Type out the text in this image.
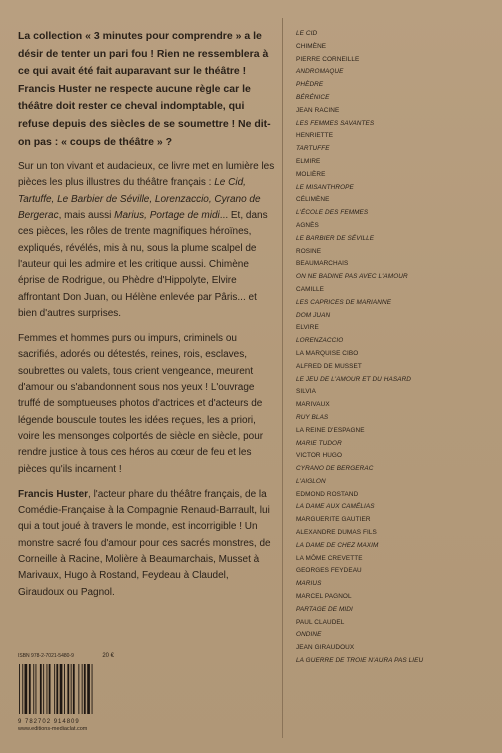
La collection « 3 minutes pour comprendre » a le désir de tenter un pari fou ! Rien ne ressemblera à ce qui avait été fait auparavant sur le théâtre ! Francis Huster ne respecte aucune règle car le théâtre doit rester ce cheval indomptable, qui refuse depuis des siècles de se soumettre ! Ne dit-on pas : « coups de théâtre » ?

Sur un ton vivant et audacieux, ce livre met en lumière les pièces les plus illustres du théâtre français : Le Cid, Tartuffe, Le Barbier de Séville, Lorenzaccio, Cyrano de Bergerac, mais aussi Marius, Portage de midi... Et, dans ces pièces, les rôles de trente magnifiques héroïnes, expliqués, révélés, mis à nu, sous la plume scalpel de l'auteur qui les admire et les critique aussi. Chimène éprise de Rodrigue, ou Phèdre d'Hippolyte, Elvire affrontant Don Juan, ou Hélène enlevée par Pâris... et bien d'autres surprises.

Femmes et hommes purs ou impurs, criminels ou sacrifiés, adorés ou détestés, reines, rois, esclaves, soubrettes ou valets, tous crient vengeance, meurent d'amour ou s'abandonnent sous nos yeux ! L'ouvrage truffé de somptueuses photos d'actrices et d'acteurs de légende bouscule toutes les idées reçues, les a priori, voire les mensonges colportés de siècle en siècle, pour rendre justice à tous ces héros au cœur de feu et les pièces qu'ils incarnent !

Francis Huster, l'acteur phare du théâtre français, de la Comédie-Française à la Compagnie Renaud-Barrault, lui qui a tout joué à travers le monde, est incorrigible ! Un monstre sacré fou d'amour pour ces sacrés monstres, de Corneille à Racine, Molière à Beaumarchais, Musset à Marivaux, Hugo à Rostand, Feydeau à Claudel, Giraudoux ou Pagnol.

LE CID
CHIMÈNE
PIERRE CORNEILLE
ANDROMAQUE
PHÈDRE
BÉRÉNICE
JEAN RACINE
LES FEMMES SAVANTES
HENRIETTE
TARTUFFE
ELMIRE
MOLIÈRE
LE MISANTHROPE
CÉLIMÈNE
L'ÉCOLE DES FEMMES
AGNÈS
LE BARBIER DE SÉVILLE
ROSINE
BEAUMARCHAIS
ON NE BADINE PAS AVEC L'AMOUR
CAMILLE
LES CAPRICES DE MARIANNE
DOM JUAN
ELVIRE
LORENZACCIO
LA MARQUISE CIBO
ALFRED DE MUSSET
LE JEU DE L'AMOUR ET DU HASARD
SILVIA
MARIVAUX
RUY BLAS
LA REINE D'ESPAGNE
MARIE TUDOR
VICTOR HUGO
CYRANO DE BERGERAC
L'AIGLON
EDMOND ROSTAND
LA DAME AUX CAMÉLIAS
MARGUERITE GAUTIER
ALEXANDRE DUMAS FILS
LA DAME DE CHEZ MAXIM
LA MÔME CREVETTE
GEORGES FEYDEAU
MARIUS
MARCEL PAGNOL
PARTAGE DE MIDI
PAUL CLAUDEL
ONDINE
JEAN GIRAUDOUX
LA GUERRE DE TROIE N'AURA PAS LIEU
ISBN 978-2-7021-5480-9	20 €
9 782702 914809
www.editions-mediaclat.com
